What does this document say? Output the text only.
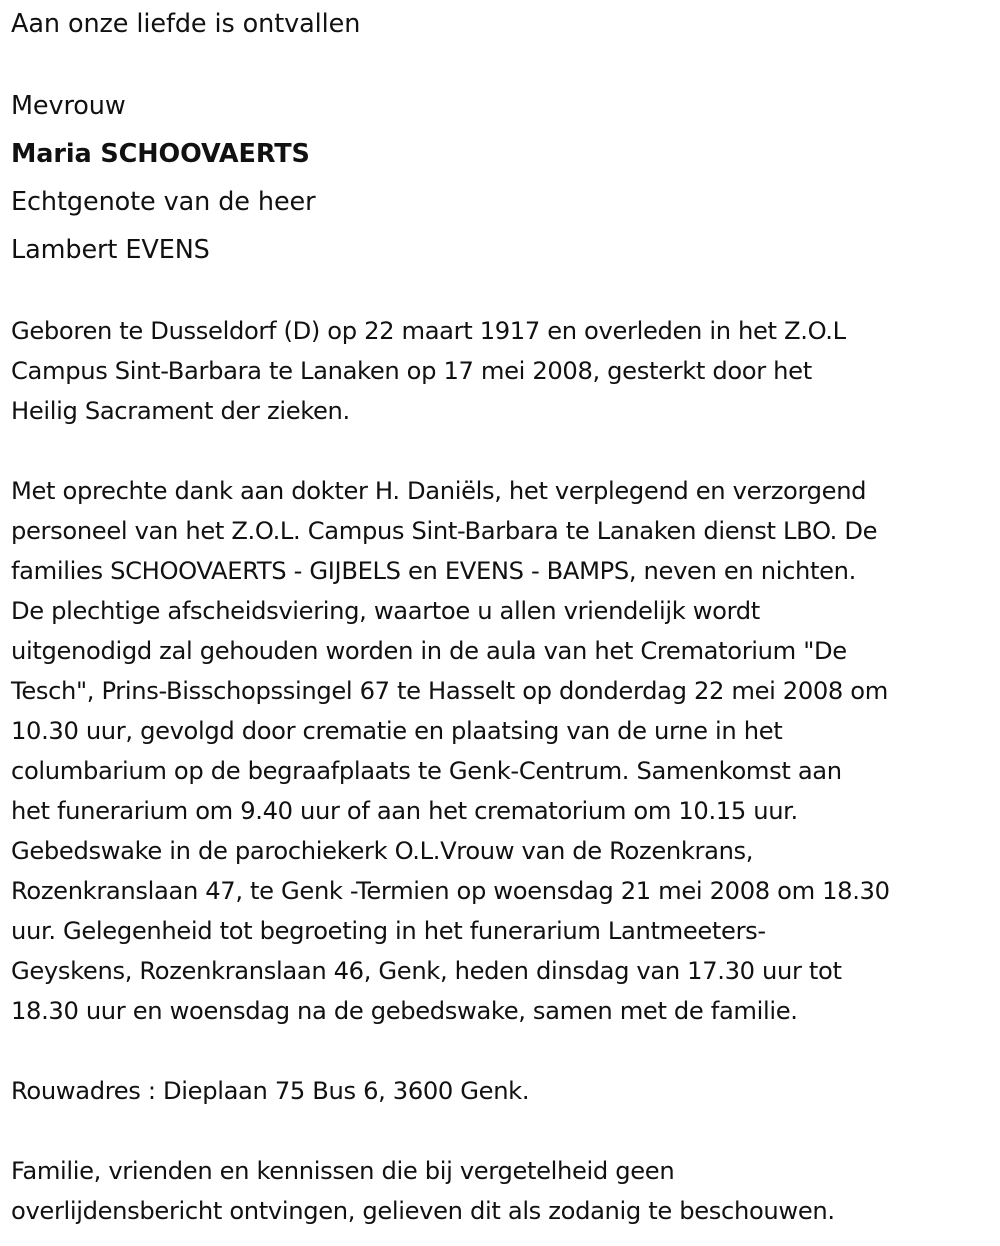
Aan onze liefde is ontvallen
Mevrouw
Maria SCHOOVAERTS
Echtgenote van de heer
Lambert EVENS
Geboren te Dusseldorf (D) op 22 maart 1917 en overleden in het Z.O.L
Campus Sint-Barbara te Lanaken op 17 mei 2008, gesterkt door het
Heilig Sacrament der zieken.
Met oprechte dank aan dokter H. Daniëls, het verplegend en verzorgend
personeel van het Z.O.L. Campus Sint-Barbara te Lanaken dienst LBO. De
families SCHOOVAERTS - GIJBELS en EVENS - BAMPS, neven en nichten.
De plechtige afscheidsviering, waartoe u allen vriendelijk wordt
uitgenodigd zal gehouden worden in de aula van het Crematorium "De
Tesch", Prins-Bisschopssingel 67 te Hasselt op donderdag 22 mei 2008 om
10.30 uur, gevolgd door crematie en plaatsing van de urne in het
columbarium op de begraafplaats te Genk-Centrum. Samenkomst aan
het funerarium om 9.40 uur of aan het crematorium om 10.15 uur.
Gebedswake in de parochiekerk O.L.Vrouw van de Rozenkrans,
Rozenkranslaan 47, te Genk -Termien op woensdag 21 mei 2008 om 18.30
uur. Gelegenheid tot begroeting in het funerarium Lantmeeters-
Geyskens, Rozenkranslaan 46, Genk, heden dinsdag van 17.30 uur tot
18.30 uur en woensdag na de gebedswake, samen met de familie.
Rouwadres : Dieplaan 75 Bus 6, 3600 Genk.
Familie, vrienden en kennissen die bij vergetelheid geen
overlijdensbericht ontvingen, gelieven dit als zodanig te beschouwen.
